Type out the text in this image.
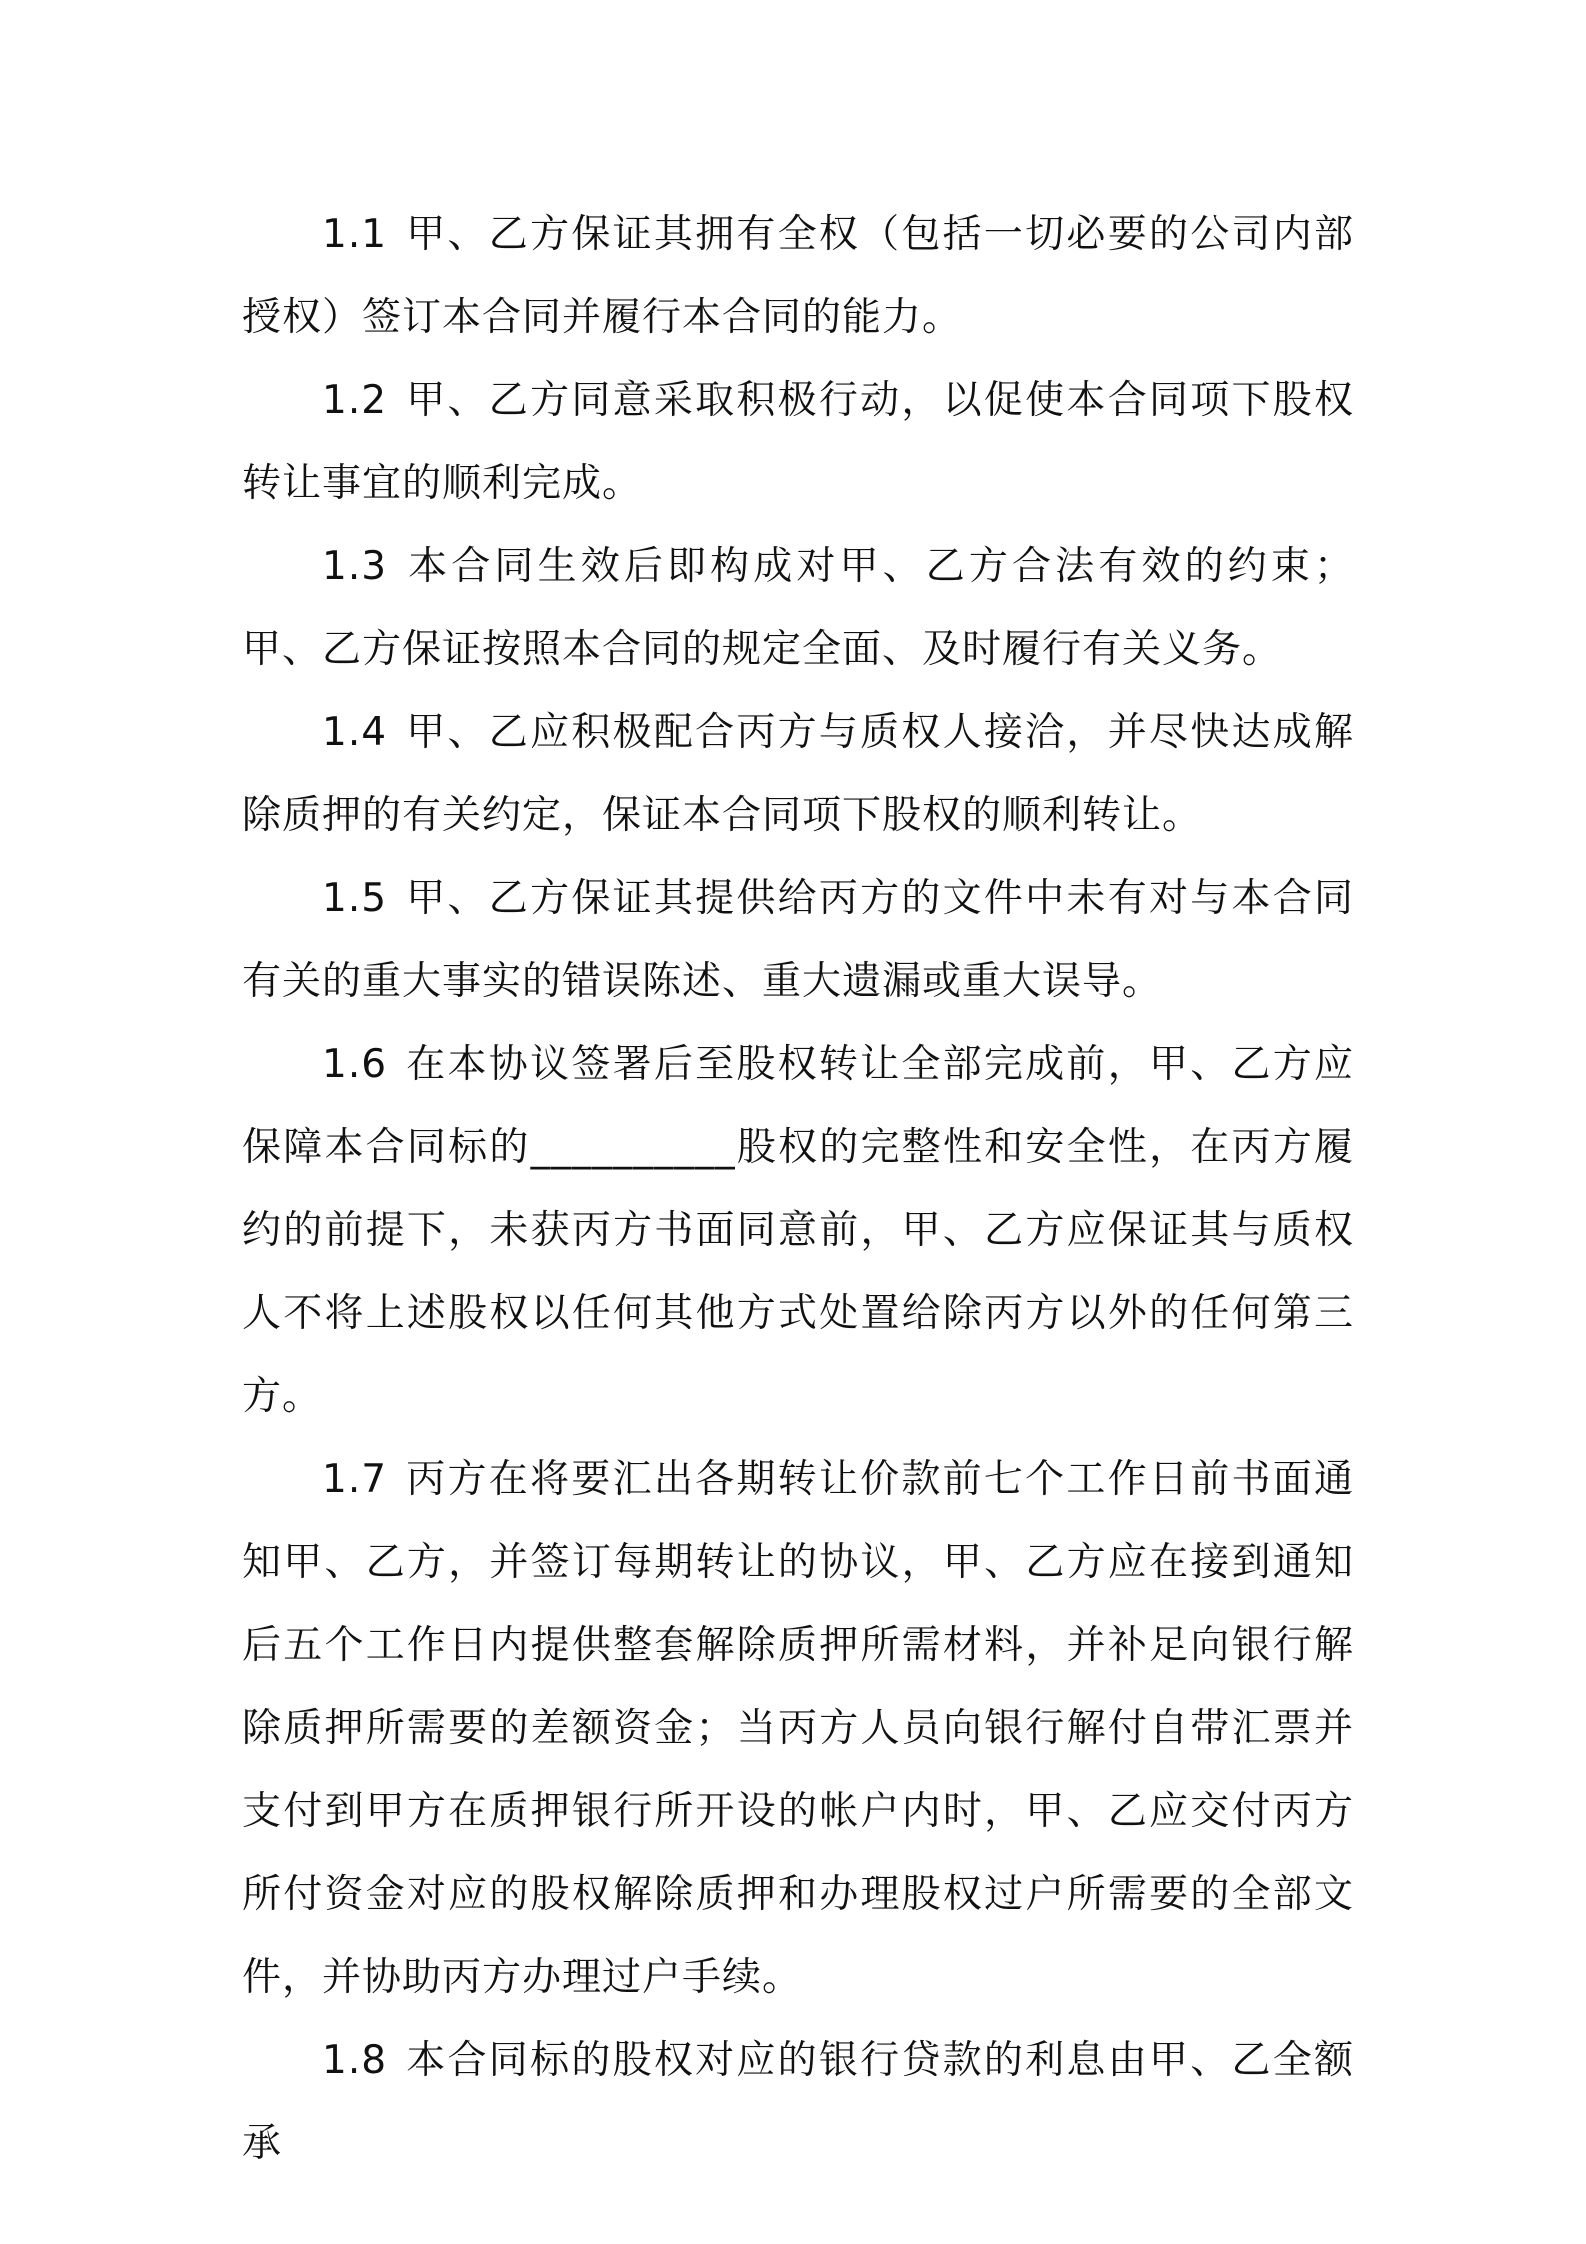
1.1 甲、乙方保证其拥有全权（包括一切必要的公司内部授权）签订本合同并履行本合同的能力。

1.2 甲、乙方同意采取积极行动，以促使本合同项下股权转让事宜的顺利完成。

1.3 本合同生效后即构成对甲、乙方合法有效的约束；甲、乙方保证按照本合同的规定全面、及时履行有关义务。

1.4 甲、乙应积极配合丙方与质权人接洽，并尽快达成解除质押的有关约定，保证本合同项下股权的顺利转让。

1.5 甲、乙方保证其提供给丙方的文件中未有对与本合同有关的重大事实的错误陈述、重大遗漏或重大误导。

1.6 在本协议签署后至股权转让全部完成前，甲、乙方应保障本合同标的__________股权的完整性和安全性，在丙方履约的前提下，未获丙方书面同意前，甲、乙方应保证其与质权人不将上述股权以任何其他方式处置给除丙方以外的任何第三方。

1.7 丙方在将要汇出各期转让价款前七个工作日前书面通知甲、乙方，并签订每期转让的协议，甲、乙方应在接到通知后五个工作日内提供整套解除质押所需材料，并补足向银行解除质押所需要的差额资金；当丙方人员向银行解付自带汇票并支付到甲方在质押银行所开设的帐户内时，甲、乙应交付丙方所付资金对应的股权解除质押和办理股权过户所需要的全部文件，并协助丙方办理过户手续。

1.8 本合同标的股权对应的银行贷款的利息由甲、乙全额承
